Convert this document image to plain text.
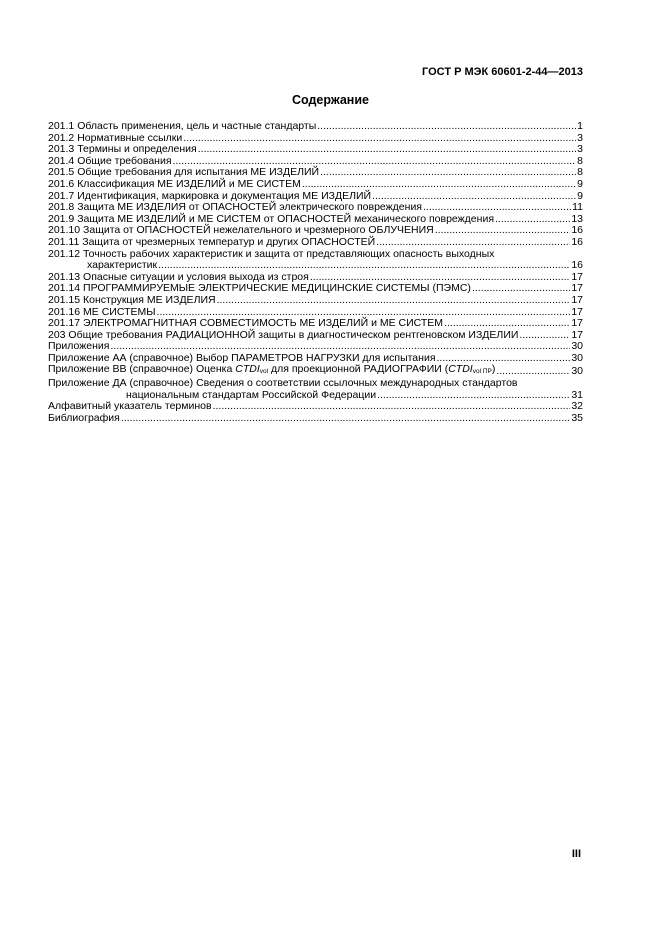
ГОСТ Р МЭК 60601-2-44—2013
Содержание
201.1 Область применения, цель и частные стандарты .....	1
201.2 Нормативные ссылки .....	3
201.3 Термины и определения .....	3
201.4 Общие требования .....	8
201.5 Общие требования для испытания МЕ ИЗДЕЛИЙ .....	8
201.6 Классификация МЕ ИЗДЕЛИЙ и МЕ СИСТЕМ .....	9
201.7 Идентификация, маркировка и документация МЕ ИЗДЕЛИЙ .....	9
201.8 Защита МЕ ИЗДЕЛИЯ от ОПАСНОСТЕЙ электрического повреждения .....	11
201.9 Защита МЕ ИЗДЕЛИЙ и МЕ СИСТЕМ от ОПАСНОСТЕЙ механического повреждения .....	13
201.10 Защита от ОПАСНОСТЕЙ нежелательного и чрезмерного ОБЛУЧЕНИЯ .....	16
201.11 Защита от чрезмерных температур и других ОПАСНОСТЕЙ .....	16
201.12 Точность рабочих характеристик и защита от представляющих опасность выходных
характеристик .....	16
201.13 Опасные ситуации и условия выхода из строя .....	17
201.14 ПРОГРАММИРУЕМЫЕ ЭЛЕКТРИЧЕСКИЕ МЕДИЦИНСКИЕ СИСТЕМЫ (ПЭМС) .....	17
201.15 Конструкция МЕ ИЗДЕЛИЯ .....	17
201.16 МЕ СИСТЕМЫ .....	17
201.17 ЭЛЕКТРОМАГНИТНАЯ СОВМЕСТИМОСТЬ МЕ ИЗДЕЛИЙ и МЕ СИСТЕМ .....	17
203 Общие требования РАДИАЦИОННОЙ защиты в диагностическом рентгеновском ИЗДЕЛИИ .....	17
Приложения .....	30
Приложение АА (справочное) Выбор ПАРАМЕТРОВ НАГРУЗКИ для испытания .....	30
Приложение ВВ (справочное) Оценка $CTDI_{vol}$ для проекционной РАДИОГРАФИИ $(CTDI_{vol ПР})$ .....	30
Приложение ДА (справочное) Сведения о соответствии ссылочных международных стандартов
национальным стандартам Российской Федерации .....	31
Алфавитный указатель терминов .....	32
Библиография .....	35
III
